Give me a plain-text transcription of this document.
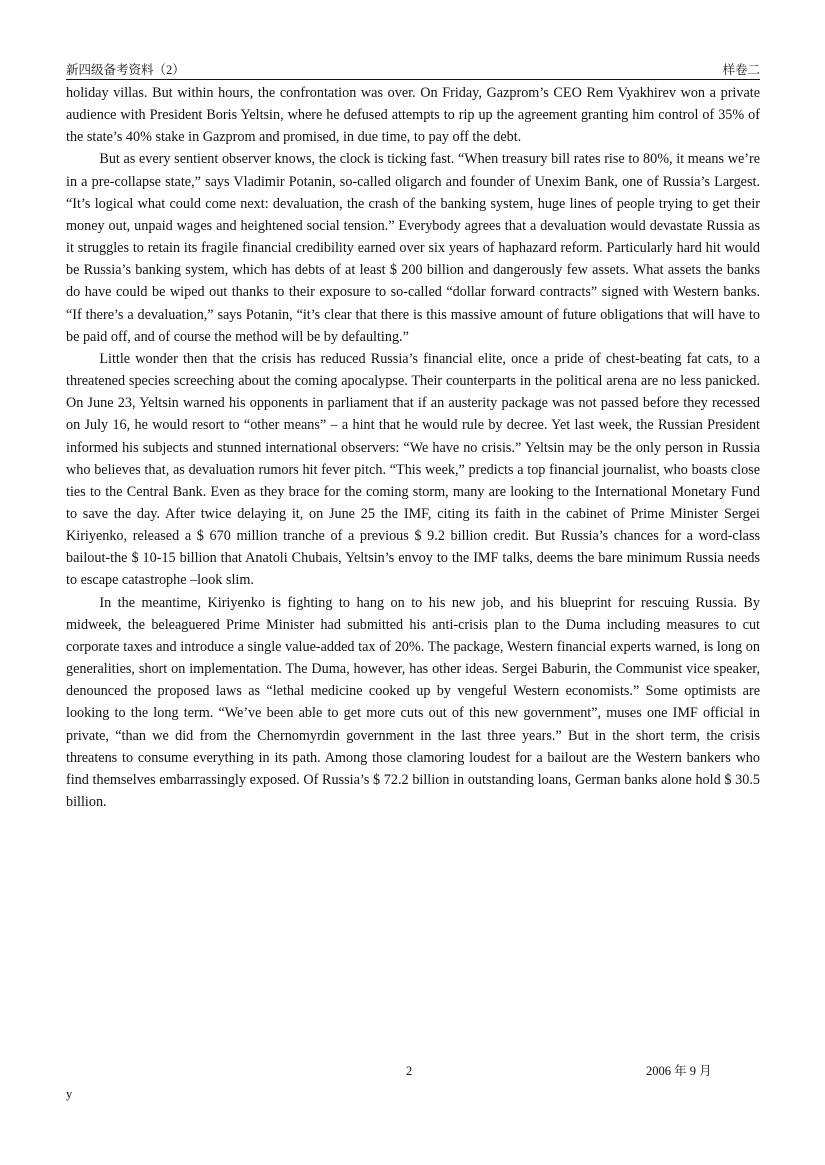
新四级备考资料（2）	样卷二

holiday villas. But within hours, the confrontation was over. On Friday, Gazprom’s CEO Rem Vyakhirev won a private audience with President Boris Yeltsin, where he defused attempts to rip up the agreement granting him control of 35% of the state’s 40% stake in Gazprom and promised, in due time, to pay off the debt.

But as every sentient observer knows, the clock is ticking fast. “When treasury bill rates rise to 80%, it means we’re in a pre-collapse state,” says Vladimir Potanin, so-called oligarch and founder of Unexim Bank, one of Russia’s Largest. “It’s logical what could come next: devaluation, the crash of the banking system, huge lines of people trying to get their money out, unpaid wages and heightened social tension.” Everybody agrees that a devaluation would devastate Russia as it struggles to retain its fragile financial credibility earned over six years of haphazard reform. Particularly hard hit would be Russia’s banking system, which has debts of at least $ 200 billion and dangerously few assets. What assets the banks do have could be wiped out thanks to their exposure to so-called “dollar forward contracts” signed with Western banks. “If there’s a devaluation,” says Potanin, “it’s clear that there is this massive amount of future obligations that will have to be paid off, and of course the method will be by defaulting.”

Little wonder then that the crisis has reduced Russia’s financial elite, once a pride of chest-beating fat cats, to a threatened species screeching about the coming apocalypse. Their counterparts in the political arena are no less panicked. On June 23, Yeltsin warned his opponents in parliament that if an austerity package was not passed before they recessed on July 16, he would resort to “other means” – a hint that he would rule by decree. Yet last week, the Russian President informed his subjects and stunned international observers: “We have no crisis.” Yeltsin may be the only person in Russia who believes that, as devaluation rumors hit fever pitch. “This week,” predicts a top financial journalist, who boasts close ties to the Central Bank. Even as they brace for the coming storm, many are looking to the International Monetary Fund to save the day. After twice delaying it, on June 25 the IMF, citing its faith in the cabinet of Prime Minister Sergei Kiriyenko, released a $ 670 million tranche of a previous $ 9.2 billion credit. But Russia’s chances for a word-class bailout-the $ 10-15 billion that Anatoli Chubais, Yeltsin’s envoy to the IMF talks, deems the bare minimum Russia needs to escape catastrophe –look slim.

In the meantime, Kiriyenko is fighting to hang on to his new job, and his blueprint for rescuing Russia. By midweek, the beleaguered Prime Minister had submitted his anti-crisis plan to the Duma including measures to cut corporate taxes and introduce a single value-added tax of 20%. The package, Western financial experts warned, is long on generalities, short on implementation. The Duma, however, has other ideas. Sergei Baburin, the Communist vice speaker, denounced the proposed laws as “lethal medicine cooked up by vengeful Western economists.” Some optimists are looking to the long term. “We’ve been able to get more cuts out of this new government”, muses one IMF official in private, “than we did from the Chernomyrdin government in the last three years.” But in the short term, the crisis threatens to consume everything in its path. Among those clamoring loudest for a bailout are the Western bankers who find themselves embarrassingly exposed. Of Russia’s $ 72.2 billion in outstanding loans, German banks alone hold $ 30.5 billion.

2	2006 年 9 月
y
